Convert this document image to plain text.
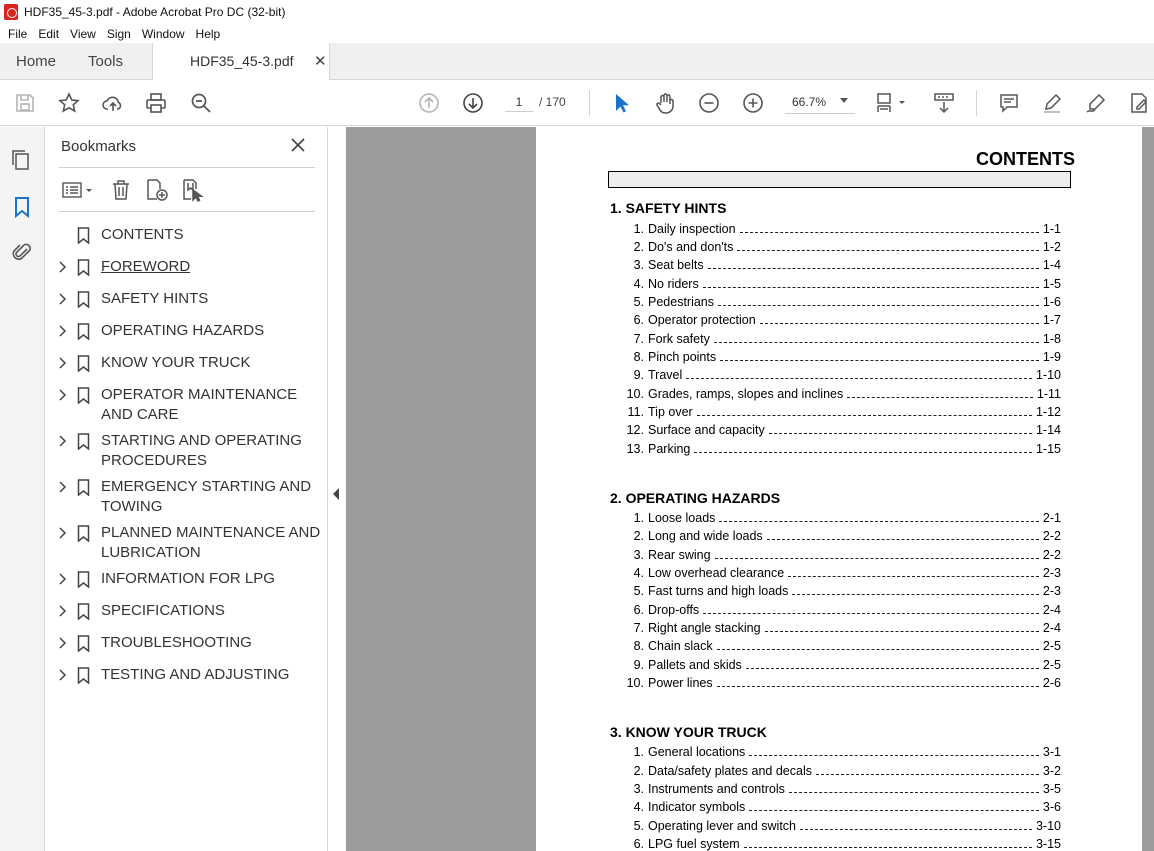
HDF35_45-3.pdf - Adobe Acrobat Pro DC (32-bit)
File Edit View Sign Window Help
Home Tools	HDF35_45-3.pdf ✕
1
/ 170	66.7%
Bookmarks
CONTENTS
FOREWORD
SAFETY HINTS
OPERATING HAZARDS
KNOW YOUR TRUCK
OPERATOR MAINTENANCE AND CARE
STARTING AND OPERATING PROCEDURES
EMERGENCY STARTING AND TOWING
PLANNED MAINTENANCE AND LUBRICATION
INFORMATION FOR LPG
SPECIFICATIONS
TROUBLESHOOTING
TESTING AND ADJUSTING
CONTENTS
1. SAFETY HINTS
1. Daily inspection	1-1
2. Do's and don'ts	1-2
3. Seat belts	1-4
4. No riders	1-5
5. Pedestrians	1-6
6. Operator protection	1-7
7. Fork safety	1-8
8. Pinch points	1-9
9. Travel	1-10
10. Grades, ramps, slopes and inclines	1-11
11. Tip over	1-12
12. Surface and capacity	1-14
13. Parking	1-15
2. OPERATING HAZARDS
1. Loose loads	2-1
2. Long and wide loads	2-2
3. Rear swing	2-2
4. Low overhead clearance	2-3
5. Fast turns and high loads	2-3
6. Drop-offs	2-4
7. Right angle stacking	2-4
8. Chain slack	2-5
9. Pallets and skids	2-5
10. Power lines	2-6
3. KNOW YOUR TRUCK
1. General locations	3-1
2. Data/safety plates and decals	3-2
3. Instruments and controls	3-5
4. Indicator symbols	3-6
5. Operating lever and switch	3-10
6. LPG fuel system	3-15
